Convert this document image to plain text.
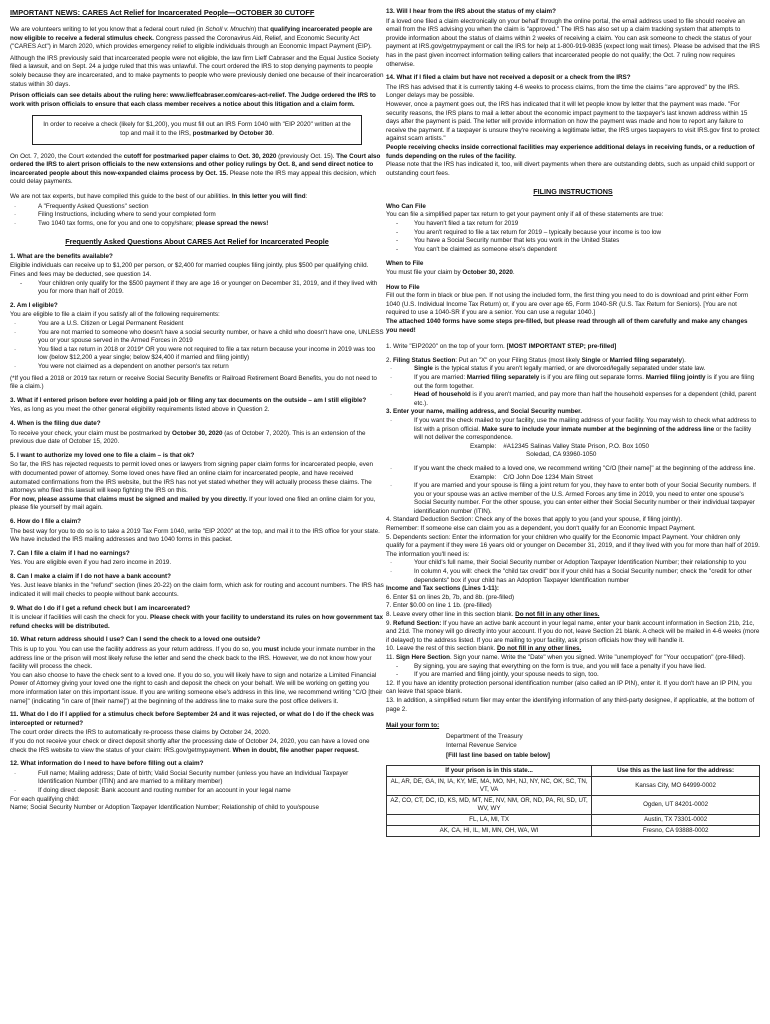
IMPORTANT NEWS: CARES Act Relief for Incarcerated People—OCTOBER 30 CUTOFF

We are volunteers writing to let you know that a federal court ruled (in Scholl v. Mnuchin) that qualifying incarcerated people are now eligible to receive a federal stimulus check. Congress passed the Coronavirus Aid, Relief, and Economic Security Act ("CARES Act") in March 2020, which provides emergency relief to eligible individuals through an Economic Impact Payment (EIP).

Although the IRS previously said that incarcerated people were not eligible, the law firm Lieff Cabraser and the Equal Justice Society filed a lawsuit, and on Sept. 24 a judge ruled that this was unlawful. The court ordered the IRS to stop denying payments to people solely because they are incarcerated, and to make payments to people who were previously denied one because of their incarceration status within 30 days.

Prison officials can see details about the ruling here: www.lieffcabraser.com/cares-act-relief. The Judge ordered the IRS to work with prison officials to ensure that each class member receives a notice about this litigation and a claim form.

In order to receive a check (likely for $1,200), you must fill out an IRS Form 1040 with "EIP 2020" written at the top and mail it to the IRS, postmarked by October 30.

On Oct. 7, 2020, the Court extended the cutoff for postmarked paper claims to Oct. 30, 2020 (previously Oct. 15). The Court also ordered the IRS to alert prison officials to the new extensions and other policy rulings by Oct. 8, and send direct notice to incarcerated people about this now-expanded claims process by Oct. 15. Please note the IRS may appeal this decision, which could delay payments.

We are not tax experts, but have compiled this guide to the best of our abilities. In this letter you will find:

· A "Frequently Asked Questions" section
· Filing Instructions, including where to send your completed form
· Two 1040 tax forms, one for you and one to copy/share; please spread the news!

Frequently Asked Questions About CARES Act Relief for Incarcerated People

1. What are the benefits available?

Eligible individuals can receive up to $1,200 per person, or $2,400 for married couples filing jointly, plus $500 per qualifying child. Fines and fees may be deducted, see question 14.

- Your children only qualify for the $500 payment if they are age 16 or younger on December 31, 2019, and if they lived with you for more than half of 2019.

2. Am I eligible?

You are eligible to file a claim if you satisfy all of the following requirements:

· You are a U.S. Citizen or Legal Permanent Resident
· You are not married to someone who doesn't have a social security number, or have a child who doesn't have one, UNLESS you or your spouse served in the Armed Forces in 2019
· You filed a tax return in 2018 or 2019* OR you were not required to file a tax return because your income in 2019 was too low (below $12,200 a year single; below $24,400 if married and filing jointly)
· You were not claimed as a dependent on another person's tax return

(*If you filed a 2018 or 2019 tax return or receive Social Security Benefits or Railroad Retirement Board Benefits, you do not need to file a claim.)

3. What if I entered prison before ever holding a paid job or filing any tax documents on the outside – am I still eligible?

Yes, as long as you meet the other general eligibility requirements listed above in Question 2.

4. When is the filing due date?

To receive your check, your claim must be postmarked by October 30, 2020 (as of October 7, 2020). This is an extension of the previous due date of October 15, 2020.

5. I want to authorize my loved one to file a claim – is that ok?

So far, the IRS has rejected requests to permit loved ones or lawyers from signing paper claim forms for incarcerated people, even with documented power of attorney. Some loved ones have filed an online claim for incarcerated people, and have received automated confirmations from the IRS website, but the IRS has not yet stated whether they will actually process these claims. The attorneys who filed this lawsuit will keep fighting the IRS on this.

For now, please assume that claims must be signed and mailed by you directly. If your loved one filed an online claim for you, please file yourself by mail again.

6. How do I file a claim?

The best way for you to do so is to take a 2019 Tax Form 1040, write "EIP 2020" at the top, and mail it to the IRS office for your state. We have included the IRS mailing addresses and two 1040 forms in this packet.

7. Can I file a claim if I had no earnings?

Yes. You are eligible even if you had zero income in 2019.

8. Can I make a claim if I do not have a bank account?

Yes. Just leave blanks in the "refund" section (lines 20-22) on the claim form, which ask for routing and account numbers. The IRS has indicated it will mail checks to people without bank accounts.

9. What do I do if I get a refund check but I am incarcerated?

It is unclear if facilities will cash the check for you. Please check with your facility to understand its rules on how government tax refund checks will be distributed.

10. What return address should I use? Can I send the check to a loved one outside?

This is up to you. You can use the facility address as your return address. If you do so, you must include your inmate number in the address line or the prison will most likely refuse the letter and send the check back to the IRS. However, we do not know how your facility will process the check.

You can also choose to have the check sent to a loved one. If you do so, you will likely have to sign and notarize a Limited Financial Power of Attorney giving your loved one the right to cash and deposit the check on your behalf. We will be working on getting you more information later on this important issue. If you are writing someone else's address in this line, we recommend writing "C/O [their name]" (indicating "in care of [their name]") at the beginning of the address line to make sure the post office delivers it.

11. What do I do if I applied for a stimulus check before September 24 and it was rejected, or what do I do if the check was intercepted or returned?

The court order directs the IRS to automatically re-process these claims by October 24, 2020.

If you do not receive your check or direct deposit shortly after the processing date of October 24, 2020, you can have a loved one check the IRS website to view the status of your claim: IRS.gov/getmypayment. When in doubt, file another paper request.

12. What information do I need to have before filling out a claim?

· Full name; Mailing address; Date of birth; Valid Social Security number (unless you have an Individual Taxpayer Identification Number (ITIN) and are married to a military member)
· If doing direct deposit: Bank account and routing number for an account in your legal name

For each qualifying child:

Name; Social Security Number or Adoption Taxpayer Identification Number; Relationship of child to you/spouse

13. Will I hear from the IRS about the status of my claim?

If a loved one filed a claim electronically on your behalf through the online portal, the email address used to file should receive an email from the IRS advising you when the claim is "approved." The IRS has also set up a claim tracking system that attempts to provide information about the status of claims within 2 weeks of receiving a claim. You can ask someone to check the status of your payment at IRS.gov/getmypayment or call the IRS for help at 1-800-919-9835 (expect long wait times). Please be advised that the IRS has in the past given incorrect information telling callers that incarcerated people do not qualify; the Oct. 7 ruling now requires otherwise.

14. What if I filed a claim but have not received a deposit or a check from the IRS?

The IRS has advised that it is currently taking 4-6 weeks to process claims, from the time the claims "are approved" by the IRS. Longer delays may be possible.

However, once a payment goes out, the IRS has indicated that it will let people know by letter that the payment was made. "For security reasons, the IRS plans to mail a letter about the economic impact payment to the taxpayer's last known address within 15 days after the payment is paid. The letter will provide information on how the payment was made and how to report any failure to receive the payment. If a taxpayer is unsure they're receiving a legitimate letter, the IRS urges taxpayers to visit IRS.gov first to protect against scam artists."

People receiving checks inside correctional facilities may experience additional delays in receiving funds, or a reduction of funds depending on the rules of the facility.

Please note that the IRS has indicated it, too, will divert payments when there are outstanding debts, such as unpaid child support or outstanding court fees.

FILING INSTRUCTIONS

Who Can File

You can file a simplified paper tax return to get your payment only if all of these statements are true:

- You haven't filed a tax return for 2019
- You aren't required to file a tax return for 2019 – typically because your income is too low
- You have a Social Security number that lets you work in the United States
- You can't be claimed as someone else's dependent

When to File

You must file your claim by October 30, 2020.

How to File

Fill out the form in black or blue pen. If not using the included form, the first thing you need to do is download and print either Form 1040 (U.S. Individual Income Tax Return) or, if you are over age 65, Form 1040-SR (U.S. Tax Return for Seniors). [You are not required to use a 1040-SR if you are a senior. You can use a regular 1040.]

The attached 1040 forms have some steps pre-filled, but please read through all of them carefully and make any changes you need!

1. Write "EIP2020" on the top of your form. [MOST IMPORTANT STEP; pre-filled]

2. Filing Status Section: Put an "X" on your Filing Status (most likely Single or Married filing separately).

· Single is the typical status if you aren't legally married, or are divorced/legally separated under state law.
· If you are married: Married filing separately is if you are filing out separate forms. Married filing jointly is if you are filing out the form together.
· Head of household is if you aren't married, and pay more than half the household expenses for a dependent (child, parent etc.).

3. Enter your name, mailing address, and Social Security number.

· If you want the check mailed to your facility, use the mailing address of your facility. You may wish to check what address to list with a prison official. Make sure to include your inmate number at the beginning of the address line or the facility will not deliver the correspondence.

Example: #A12345 Salinas Valley State Prison, P.O. Box 1050

Soledad, CA 93960-1050

· If you want the check mailed to a loved one, we recommend writing "C/O [their name]" at the beginning of the address line.

Example: C/O John Doe 1234 Main Street

· If you are married and your spouse is filing a joint return for you, they have to enter both of your Social Security numbers. If you or your spouse was an active member of the U.S. Armed Forces any time in 2019, you need to enter one spouse's Social Security number. For the other spouse, you can enter either their Social Security number or their individual taxpayer identification number (ITIN).

4. Standard Deduction Section: Check any of the boxes that apply to you (and your spouse, if filing jointly).

Remember: If someone else can claim you as a dependent, you don't qualify for an Economic Impact Payment.

5. Dependents section: Enter the information for your children who qualify for the Economic Impact Payment. Your children only qualify for a payment if they were 16 years old or younger on December 31, 2019, and if they lived with you for more than half of 2019. The information you'll need is:

· Your child's full name, their Social Security number or Adoption Taxpayer Identification Number; their relationship to you
· In column 4, you will: check the "child tax credit" box if your child has a Social Security number; check the "credit for other dependents" box if your child has an Adoption Taxpayer Identification number

Income and Tax sections (Lines 1-11):

6. Enter $1 on lines 2b, 7b, and 8b. (pre-filled)

7. Enter $0.00 on line 1 1b. (pre-filled)

8. Leave every other line in this section blank. Do not fill in any other lines.

9. Refund Section: If you have an active bank account in your legal name, enter your bank account information in Section 21b, 21c, and 21d. The money will go directly into your account. If you do not, leave Section 21 blank. A check will be mailed in 4-6 weeks (more if delayed) to the address listed. If you are mailing to your facility, ask prison officials how they will handle it.

10. Leave the rest of this section blank. Do not fill in any other lines.

11. Sign Here Section. Sign your name. Write the "Date" when you signed. Write "unemployed" for "Your occupation" (pre-filled).

- By signing, you are saying that everything on the form is true, and you will face a penalty if you have lied.
- If you are married and filing jointly, your spouse needs to sign, too.

12. If you have an identity protection personal identification number (also called an IP PIN), enter it. If you don't have an IP PIN, you can leave that space blank.

13. In addition, a simplified return filer may enter the identifying information of any third-party designee, if applicable, at the bottom of page 2.

Mail your form to:

Department of the Treasury

Internal Revenue Service

[Fill last line based on table below]

If your prison is in this state...	Use this as the last line for the address:
AL, AR, DE, GA, IN, IA, KY, ME, MA, MO, NH, NJ, NY, NC, OK, SC, TN, VT, VA	Kansas City, MO 64999-0002
AZ, CO, CT, DC, ID, KS, MD, MT, NE, NV, NM, OR, ND, PA, RI, SD, UT, WV, WY	Ogden, UT 84201-0002
FL, LA, MI, TX	Austin, TX 73301-0002
AK, CA, HI, IL, MI, MN, OH, WA, WI	Fresno, CA 93888-0002
